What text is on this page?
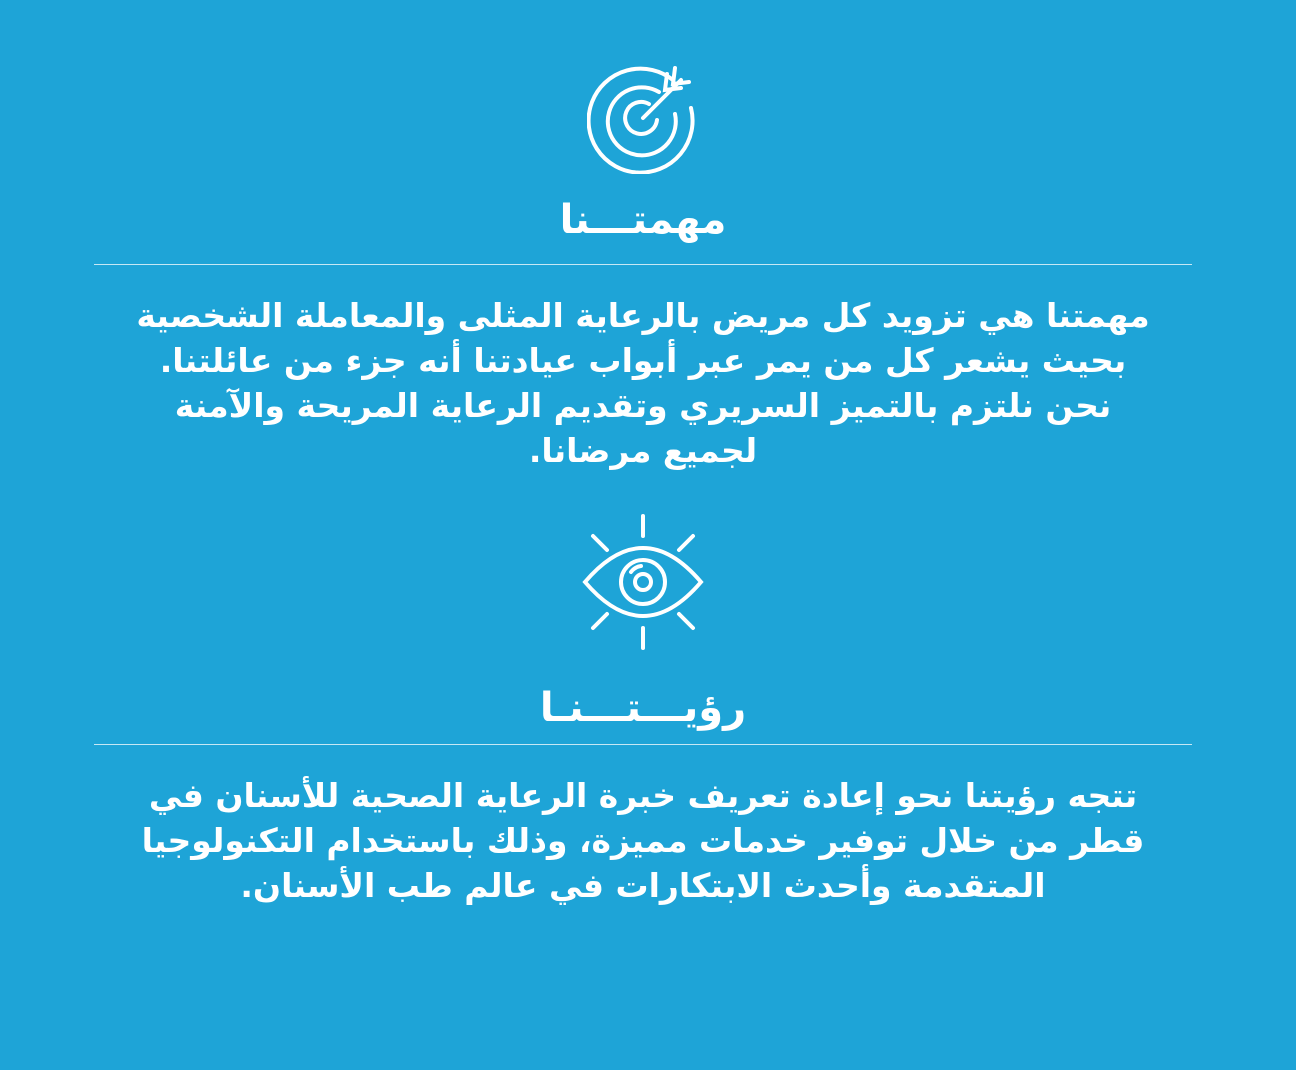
مهمتـــنا

مهمتنا هي تزويد كل مريض بالرعاية المثلى والمعاملة الشخصية بحيث يشعر كل من يمر عبر أبواب عيادتنا أنه جزء من عائلتنا. نحن نلتزم بالتميز السريري وتقديم الرعاية المريحة والآمنة لجميع مرضانا.

رؤيـــتـــنـا

تتجه رؤيتنا نحو إعادة تعريف خبرة الرعاية الصحية للأسنان في قطر من خلال توفير خدمات مميزة، وذلك باستخدام التكنولوجيا المتقدمة وأحدث الابتكارات في عالم طب الأسنان.
